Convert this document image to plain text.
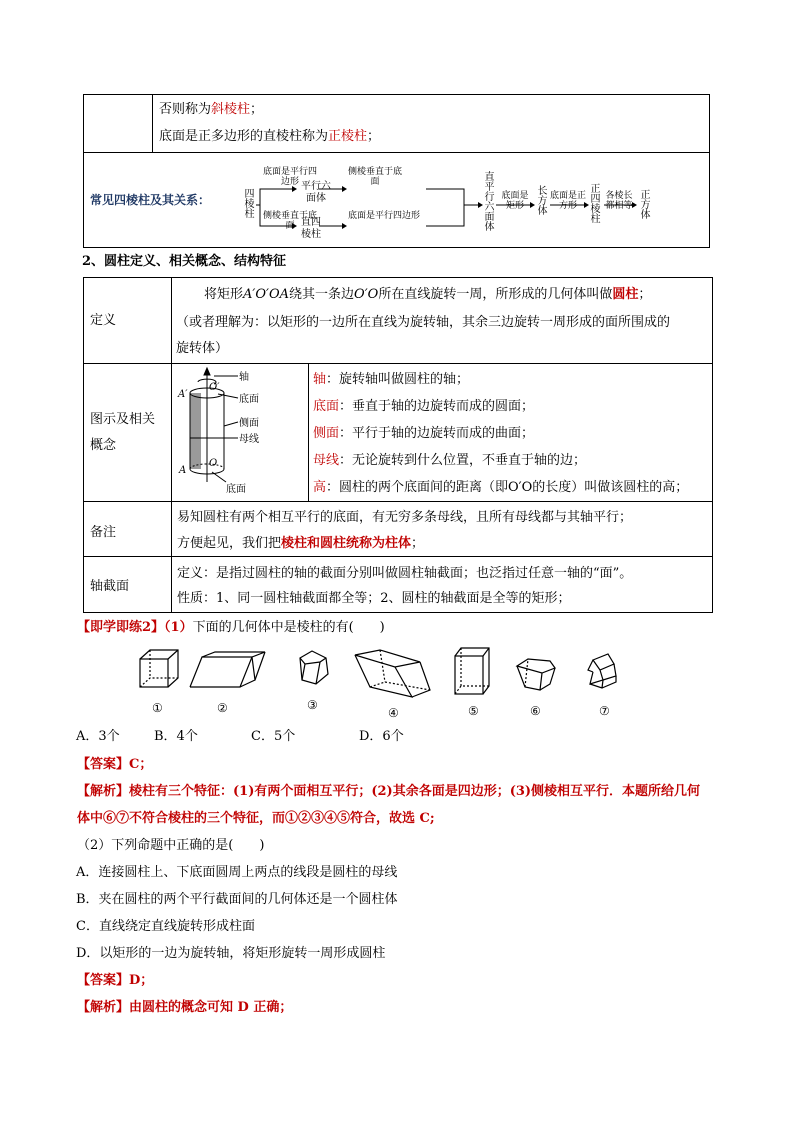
否则称为斜棱柱；
底面是正多边形的直棱柱称为正棱柱；
常见四棱柱及其关系：	四棱柱
底面是平行四边形 平行六面体
侧棱垂直于底面
侧棱垂直于底面 直四棱柱
底面是平行四边形
直平行六面体
底面是矩形
长方体
底面是正方形
正四棱柱
各棱长都相等
正方体
2、圆柱定义、相关概念、结构特征
定义
将矩形A′O′OA绕其一条边O′O所在直线旋转一周，所形成的几何体叫做圆柱；
（或者理解为：以矩形的一边所在直线为旋转轴，其余三边旋转一周形成的面所围成的
旋转体）
图示及相关
概念
轴
底面
侧面
母线
底面
A′
O′
A
O
轴：旋转轴叫做圆柱的轴；
底面：垂直于轴的边旋转而成的圆面；
侧面：平行于轴的边旋转而成的曲面；
母线：无论旋转到什么位置，不垂直于轴的边；
高：圆柱的两个底面间的距离（即O′O的长度）叫做该圆柱的高；
备注
易知圆柱有两个相互平行的底面，有无穷多条母线，且所有母线都与其轴平行；
方便起见，我们把棱柱和圆柱统称为柱体；
轴截面
定义：是指过圆柱的轴的截面分别叫做圆柱轴截面；也泛指过任意一轴的“面”。
性质：1、同一圆柱轴截面都全等；2、圆柱的轴截面是全等的矩形；
【即学即练2】（1）下面的几何体中是棱柱的有(　　)
①	②	③
④	⑤	⑥	⑦
A．3个	B．4个	C．5个	D．6个
【答案】C；
【解析】棱柱有三个特征：(1)有两个面相互平行；(2)其余各面是四边形；(3)侧棱相互平行．本题所给几何
体中⑥⑦不符合棱柱的三个特征，而①②③④⑤符合，故选 C;
（2）下列命题中正确的是(　　)
A．连接圆柱上、下底面圆周上两点的线段是圆柱的母线
B．夹在圆柱的两个平行截面间的几何体还是一个圆柱体
C．直线绕定直线旋转形成柱面
D．以矩形的一边为旋转轴，将矩形旋转一周形成圆柱
【答案】D；
【解析】由圆柱的概念可知 D 正确；
